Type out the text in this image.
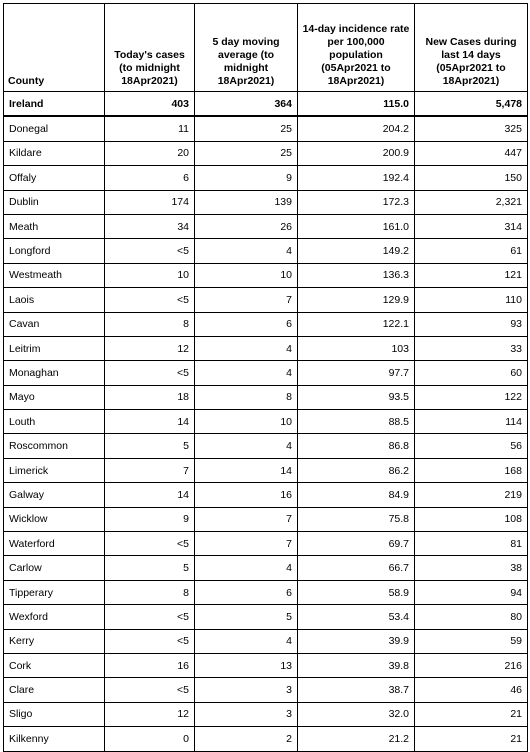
County	Today's cases (to midnight 18Apr2021)	5 day moving average (to midnight 18Apr2021)	14-day incidence rate per 100,000 population (05Apr2021 to 18Apr2021)	New Cases during last 14 days (05Apr2021 to 18Apr2021)
Ireland	403	364	115.0	5,478
Donegal	11	25	204.2	325
Kildare	20	25	200.9	447
Offaly	6	9	192.4	150
Dublin	174	139	172.3	2,321
Meath	34	26	161.0	314
Longford	<5	4	149.2	61
Westmeath	10	10	136.3	121
Laois	<5	7	129.9	110
Cavan	8	6	122.1	93
Leitrim	12	4	103	33
Monaghan	<5	4	97.7	60
Mayo	18	8	93.5	122
Louth	14	10	88.5	114
Roscommon	5	4	86.8	56
Limerick	7	14	86.2	168
Galway	14	16	84.9	219
Wicklow	9	7	75.8	108
Waterford	<5	7	69.7	81
Carlow	5	4	66.7	38
Tipperary	8	6	58.9	94
Wexford	<5	5	53.4	80
Kerry	<5	4	39.9	59
Cork	16	13	39.8	216
Clare	<5	3	38.7	46
Sligo	12	3	32.0	21
Kilkenny	0	2	21.2	21
